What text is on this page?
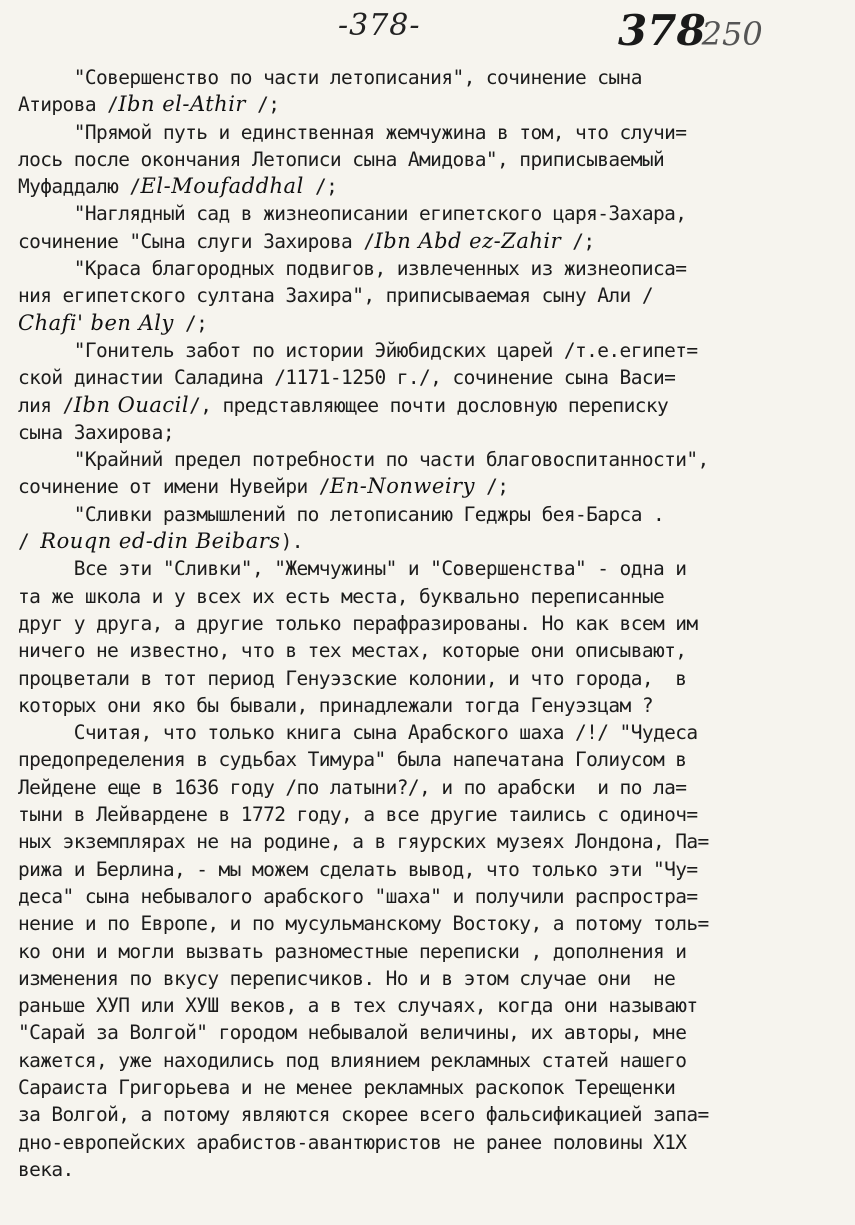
-378-	378250
"Совершенство по части летописания", сочинение сына
Атирова /Ibn el-Athir /;
"Прямой путь и единственная жемчужина в том, что случи=
лось после окончания Летописи сына Амидова", приписываемый
Муфаддалю /El-Moufaddhal /;
"Наглядный сад в жизнеописании египетского царя-Захара,
сочинение "Сына слуги Захирова /Ibn Abd ez-Zahir /;
"Краса благородных подвигов, извлеченных из жизнеописа=
ния египетского султана Захира", приписываемая сыну Али /
Chafi' ben Aly /;
"Гонитель забот по истории Эйюбидских царей /т.е.египет=
ской династии Саладина /1171-1250 г./, сочинение сына Васи=
лия /Ibn Ouacil/, представляющее почти дословную переписку
сына Захирова;
"Крайний предел потребности по части благовоспитанности",
сочинение от имени Нувейри /En-Nonweiry /;
"Сливки размышлений по летописанию Геджры бея-Барса .
/ Rouqn ed-din Beibars).
Все эти "Сливки", "Жемчужины" и "Совершенства" - одна и
та же школа и у всех их есть места, буквально переписанные
друг у друга, а другие только перафразированы. Но как всем им
ничего не известно, что в тех местах, которые они описывают,
процветали в тот период Генуэзские колонии, и что города,  в
которых они яко бы бывали, принадлежали тогда Генуэзцам ?
Считая, что только книга сына Арабского шаха /!/ "Чудеса
предопределения в судьбах Тимура" была напечатана Голиусом в
Лейдене еще в 1636 году /по латыни?/, и по арабски  и по ла=
тыни в Лейвардене в 1772 году, а все другие таились с одиноч=
ных экземплярах не на родине, а в гяурских музеях Лондона, Па=
рижа и Берлина, - мы можем сделать вывод, что только эти "Чу=
деса" сына небывалого арабского "шаха" и получили распростра=
нение и по Европе, и по мусульманскому Востоку, а потому толь=
ко они и могли вызвать разноместные переписки , дополнения и
изменения по вкусу переписчиков. Но и в этом случае они  не
раньше ХУП или ХУШ веков, а в тех случаях, когда они называют
"Сарай за Волгой" городом небывалой величины, их авторы, мне
кажется, уже находились под влиянием рекламных статей нашего
Сараиста Григорьева и не менее рекламных раскопок Терещенки
за Волгой, а потому являются скорее всего фальсификацией запа=
дно-европейских арабистов-авантюристов не ранее половины Х1Х
века.
